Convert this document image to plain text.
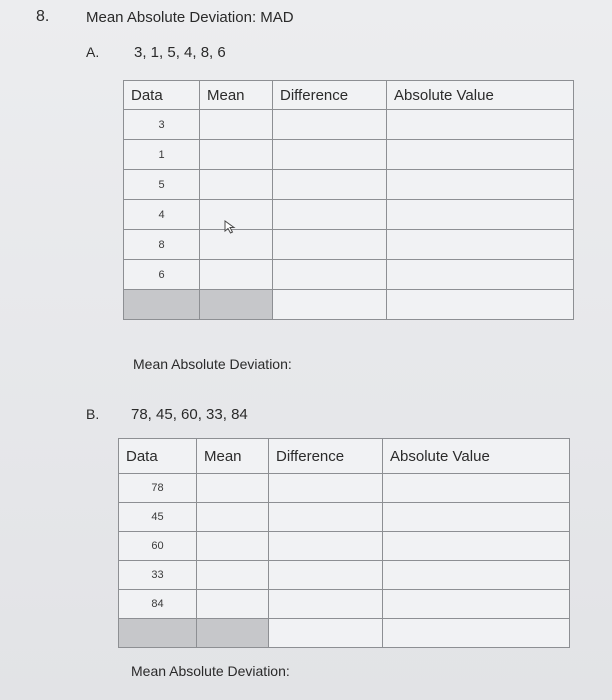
8. Mean Absolute Deviation: MAD
A. 3, 1, 5, 4, 8, 6
Data	Mean	Difference	Absolute Value
3			
1			
5			
4			
8			
6			

Mean Absolute Deviation:
B. 78, 45, 60, 33, 84
Data	Mean	Difference	Absolute Value
78			
45			
60			
33			
84			

Mean Absolute Deviation:
